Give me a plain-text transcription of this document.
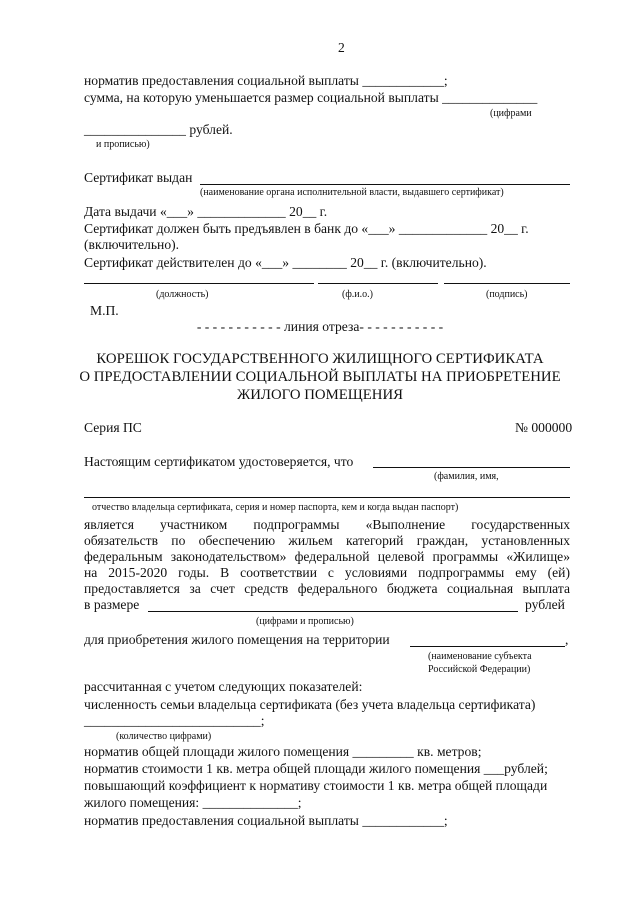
2
норматив предоставления социальной выплаты ____________;
сумма, на которую уменьшается размер социальной выплаты ______________
(цифрами
_______________ рублей.
и прописью)
Сертификат выдан
(наименование органа исполнительной власти, выдавшего сертификат)
Дата выдачи «___» _____________ 20__ г.
Сертификат должен быть предъявлен в банк до «___» _____________ 20__ г.
(включительно).
Сертификат действителен до «___» ________ 20__ г. (включительно).
(должность)	(ф.и.о.)	(подпись)
М.П.
- - - - - - - - - - - линия отреза- - - - - - - - - - -
КОРЕШОК ГОСУДАРСТВЕННОГО ЖИЛИЩНОГО СЕРТИФИКАТА
О ПРЕДОСТАВЛЕНИИ СОЦИАЛЬНОЙ ВЫПЛАТЫ НА ПРИОБРЕТЕНИЕ
ЖИЛОГО ПОМЕЩЕНИЯ
Серия ПС	№ 000000
Настоящим сертификатом удостоверяется, что
(фамилия, имя,
отчество владельца сертификата, серия и номер паспорта, кем и когда выдан паспорт)
является участником подпрограммы «Выполнение государственных
обязательств по обеспечению жильем категорий граждан, установленных
федеральным законодательством» федеральной целевой программы «Жилище»
на 2015-2020 годы. В соответствии с условиями подпрограммы ему (ей)
предоставляется за счет средств федерального бюджета социальная выплата
в размере	рублей
(цифрами и прописью)
для приобретения жилого помещения на территории	,
(наименование субъекта
Российской Федерации)
рассчитанная с учетом следующих показателей:
численность семьи владельца сертификата (без учета владельца сертификата)
__________________________;
(количество цифрами)
норматив общей площади жилого помещения _________ кв. метров;
норматив стоимости 1 кв. метра общей площади жилого помещения ___рублей;
повышающий коэффициент к нормативу стоимости 1 кв. метра общей площади
жилого помещения: ______________;
норматив предоставления социальной выплаты ____________;
